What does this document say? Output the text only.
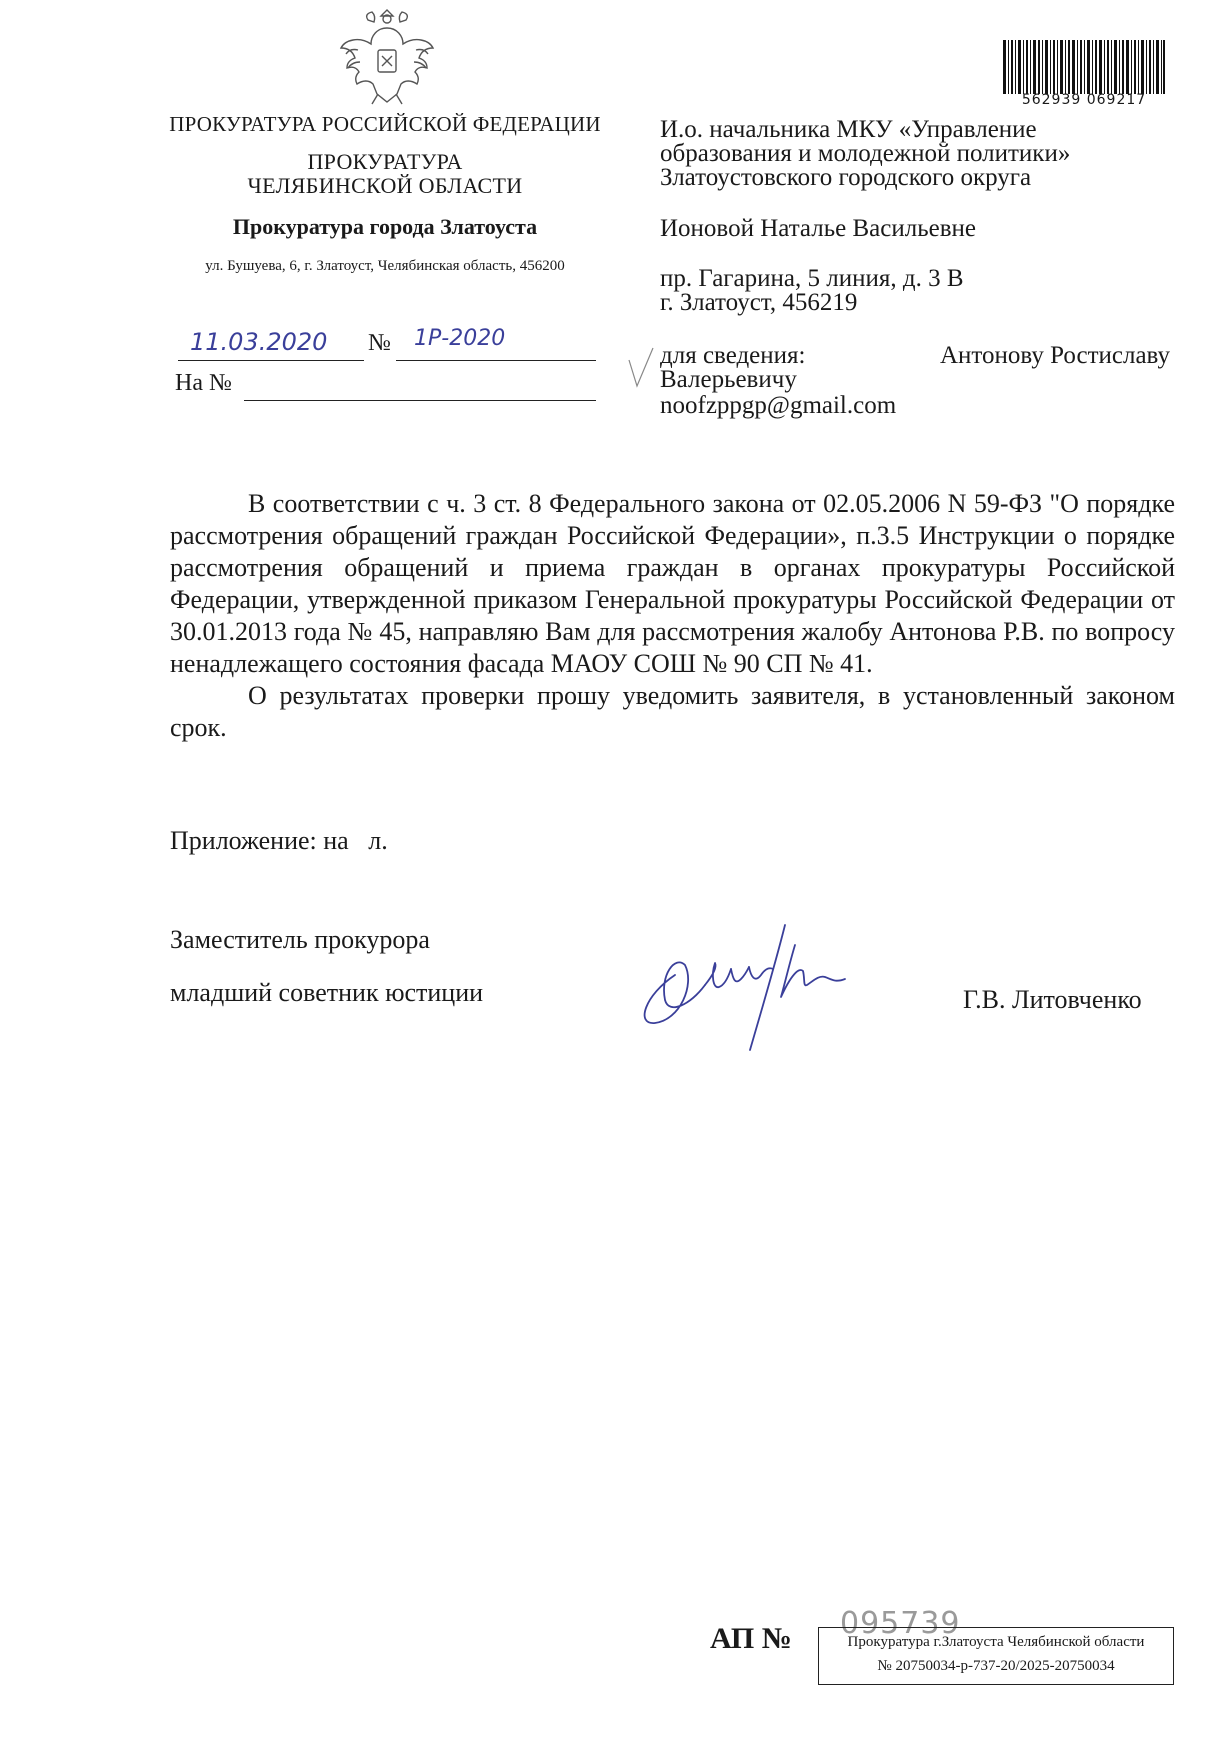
ПРОКУРАТУРА РОССИЙСКОЙ ФЕДЕРАЦИИ
ПРОКУРАТУРА
ЧЕЛЯБИНСКОЙ ОБЛАСТИ
Прокуратура города Златоуста
ул. Бушуева, 6, г. Златоуст, Челябинская область, 456200
11.03.2020 № 1Р-2020
На №
562939 069217
И.о. начальника МКУ «Управление
образования и молодежной политики»
Златоустовского городского округа
Ионовой Наталье Васильевне
пр. Гагарина, 5 линия, д. 3 В
г. Златоуст, 456219
для сведения:	Антонову Ростиславу
Валерьевичу
noofzppgp@gmail.com

В соответствии с ч. 3 ст. 8 Федерального закона от 02.05.2006 N 59-ФЗ "О порядке рассмотрения обращений граждан Российской Федерации», п.3.5 Инструкции о порядке рассмотрения обращений и приема граждан в органах прокуратуры Российской Федерации, утвержденной приказом Генеральной прокуратуры Российской Федерации от 30.01.2013 года № 45, направляю Вам для рассмотрения жалобу Антонова Р.В. по вопросу ненадлежащего состояния фасада МАОУ СОШ № 90 СП № 41.

О результатах проверки прошу уведомить заявителя, в установленный законом срок.

Приложение: на   л.
Заместитель прокурора
младший советник юстиции	Г.В. Литовченко
АП № 095739
Прокуратура г.Златоуста Челябинской области
№ 20750034-р-737-20/2025-20750034
